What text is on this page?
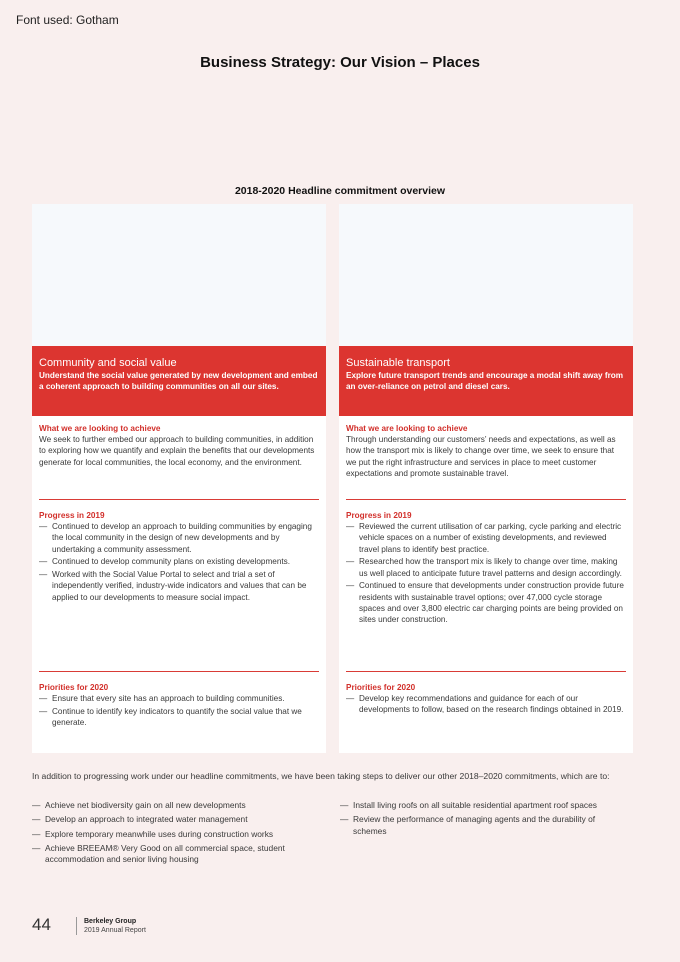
Font used: Gotham
Business Strategy: Our Vision – Places
2018-2020 Headline commitment overview
Community and social value
Understand the social value generated by new development and embed a coherent approach to building communities on all our sites.
What we are looking to achieve
We seek to further embed our approach to building communities, in addition to exploring how we quantify and explain the benefits that our developments generate for local communities, the local economy, and the environment.
Progress in 2019
— Continued to develop an approach to building communities by engaging the local community in the design of new developments and by undertaking a community assessment.
— Continued to develop community plans on existing developments.
— Worked with the Social Value Portal to select and trial a set of independently verified, industry-wide indicators and values that can be applied to our developments to measure social impact.
Priorities for 2020
— Ensure that every site has an approach to building communities.
— Continue to identify key indicators to quantify the social value that we generate.
Sustainable transport
Explore future transport trends and encourage a modal shift away from an over-reliance on petrol and diesel cars.
What we are looking to achieve
Through understanding our customers’ needs and expectations, as well as how the transport mix is likely to change over time, we seek to ensure that we put the right infrastructure and services in place to meet customer expectations and promote sustainable travel.
Progress in 2019
— Reviewed the current utilisation of car parking, cycle parking and electric vehicle spaces on a number of existing developments, and reviewed travel plans to identify best practice.
— Researched how the transport mix is likely to change over time, making us well placed to anticipate future travel patterns and design accordingly.
— Continued to ensure that developments under construction provide future residents with sustainable travel options; over 47,000 cycle storage spaces and over 3,800 electric car charging points are being provided on sites under construction.
Priorities for 2020
— Develop key recommendations and guidance for each of our developments to follow, based on the research findings obtained in 2019.

In addition to progressing work under our headline commitments, we have been taking steps to deliver our other 2018–2020 commitments, which are to:

— Achieve net biodiversity gain on all new developments
— Develop an approach to integrated water management
— Explore temporary meanwhile uses during construction works
— Achieve BREEAM® Very Good on all commercial space, student accommodation and senior living housing
— Install living roofs on all suitable residential apartment roof spaces
— Review the performance of managing agents and the durability of schemes
44	Berkeley Group
2019 Annual Report
